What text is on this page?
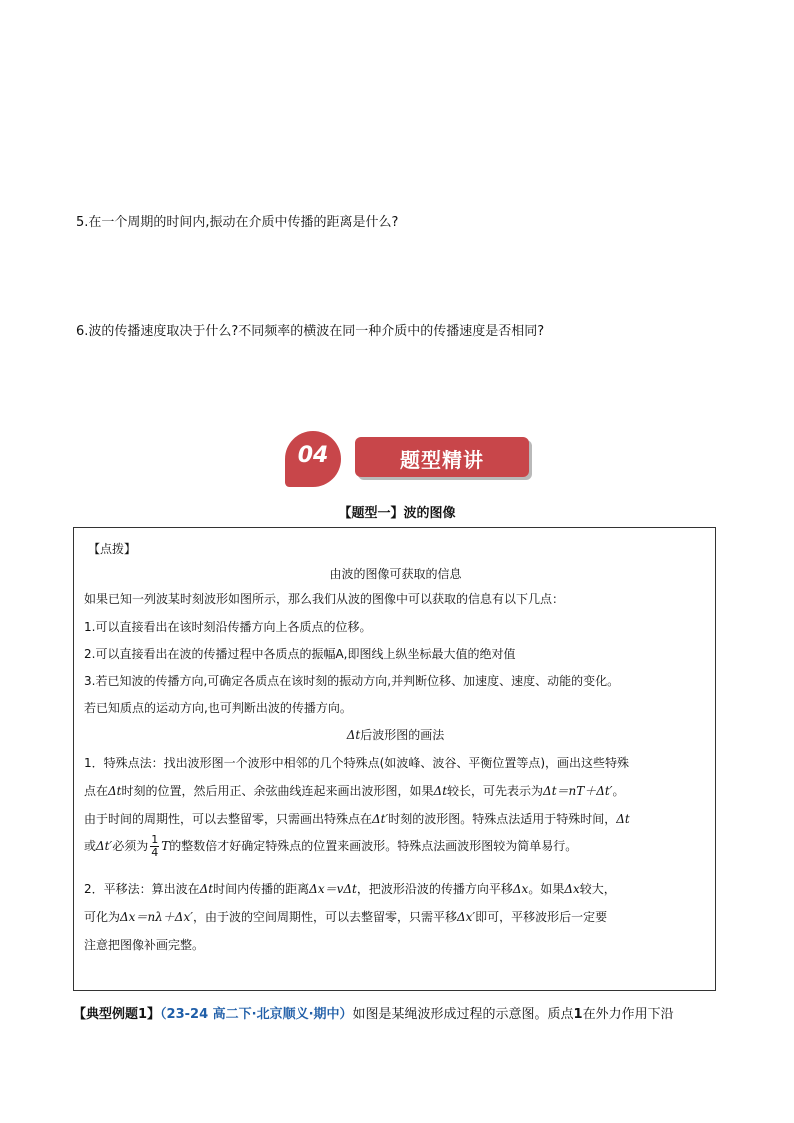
5.在一个周期的时间内,振动在介质中传播的距离是什么?
6.波的传播速度取决于什么?不同频率的横波在同一种介质中的传播速度是否相同?
04	题型精讲
【题型一】波的图像
【点拨】
由波的图像可获取的信息
如果已知一列波某时刻波形如图所示，那么我们从波的图像中可以获取的信息有以下几点：
1.可以直接看出在该时刻沿传播方向上各质点的位移。
2.可以直接看出在波的传播过程中各质点的振幅A,即图线上纵坐标最大值的绝对值
3.若已知波的传播方向,可确定各质点在该时刻的振动方向,并判断位移、加速度、速度、动能的变化。
若已知质点的运动方向,也可判断出波的传播方向。
Δt后波形图的画法
1．特殊点法：找出波形图一个波形中相邻的几个特殊点(如波峰、波谷、平衡位置等点)，画出这些特殊
点在Δt时刻的位置，然后用正、余弦曲线连起来画出波形图，如果Δt较长，可先表示为Δt＝nT＋Δt′。
由于时间的周期性，可以去整留零，只需画出特殊点在Δt′时刻的波形图。特殊点法适用于特殊时间，Δt
或Δt′必须为 $\frac{1}{4}$ T的整数倍才好确定特殊点的位置来画波形。特殊点法画波形图较为简单易行。
2．平移法：算出波在Δt时间内传播的距离Δx＝vΔt，把波形沿波的传播方向平移Δx。如果Δx较大，
可化为Δx＝nλ＋Δx′，由于波的空间周期性，可以去整留零，只需平移Δx′即可，平移波形后一定要
注意把图像补画完整。
【典型例题1】（23-24 高二下·北京顺义·期中）如图是某绳波形成过程的示意图。质点1在外力作用下沿
